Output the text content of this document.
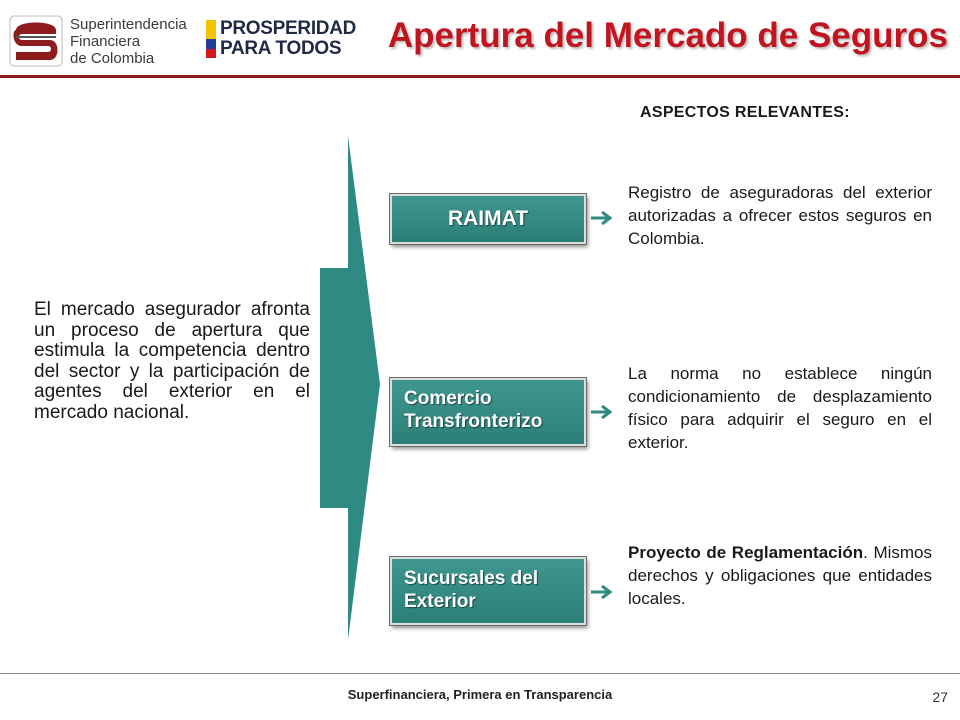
Superintendencia
Financiera
de Colombia
PROSPERIDAD
PARA TODOS	Apertura del Mercado de Seguros
ASPECTOS RELEVANTES:
El mercado asegurador afronta un proceso de apertura que estimula la competencia dentro del sector y la participación de agentes del exterior en el mercado nacional.
RAIMAT
Comercio
Transfronterizo
Sucursales del
Exterior
Registro de aseguradoras del exterior autorizadas a ofrecer estos seguros en Colombia.
La norma no establece ningún condicionamiento de desplazamiento físico para adquirir el seguro en el exterior.
Proyecto de Reglamentación. Mismos derechos y obligaciones que entidades locales.
Superfinanciera, Primera en Transparencia	27
